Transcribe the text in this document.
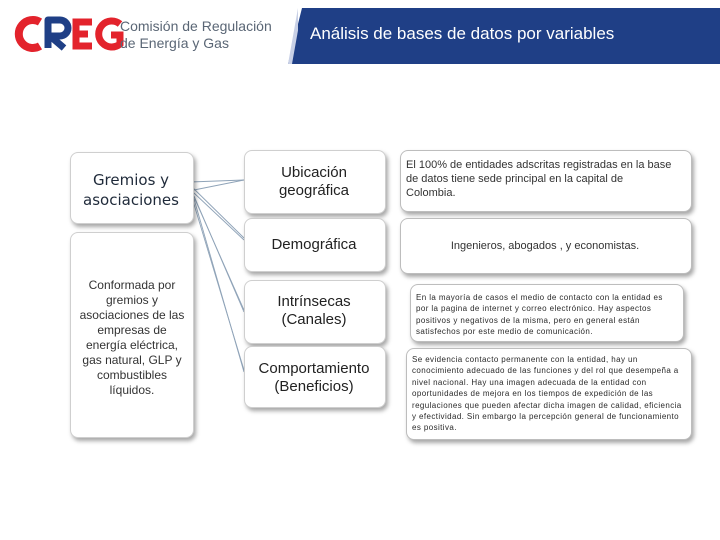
Comisión de Regulación
de Energía y Gas	Análisis de bases de datos por variables
Gremios y asociaciones
Conformada por gremios y asociaciones de las empresas de energía eléctrica, gas natural, GLP y combustibles líquidos.
Ubicación geográfica
Demográfica
Intrínsecas (Canales)
Comportamiento (Beneficios)
El 100% de entidades adscritas registradas en la base de datos tiene sede principal en la capital de Colombia.
Ingenieros, abogados , y economistas.
En la mayoría de casos el medio de contacto con la entidad es por la pagina de internet y correo electrónico. Hay aspectos positivos y negativos de la misma, pero en general están satisfechos por este medio de comunicación.
Se evidencia contacto permanente con la entidad, hay un conocimiento adecuado de las funciones y del rol que desempeña a nivel nacional. Hay una imagen adecuada de la entidad con oportunidades de mejora en los tiempos de expedición de las regulaciones que pueden afectar dicha imagen de calidad, eficiencia y efectividad. Sin embargo la percepción general de funcionamiento es positiva.
